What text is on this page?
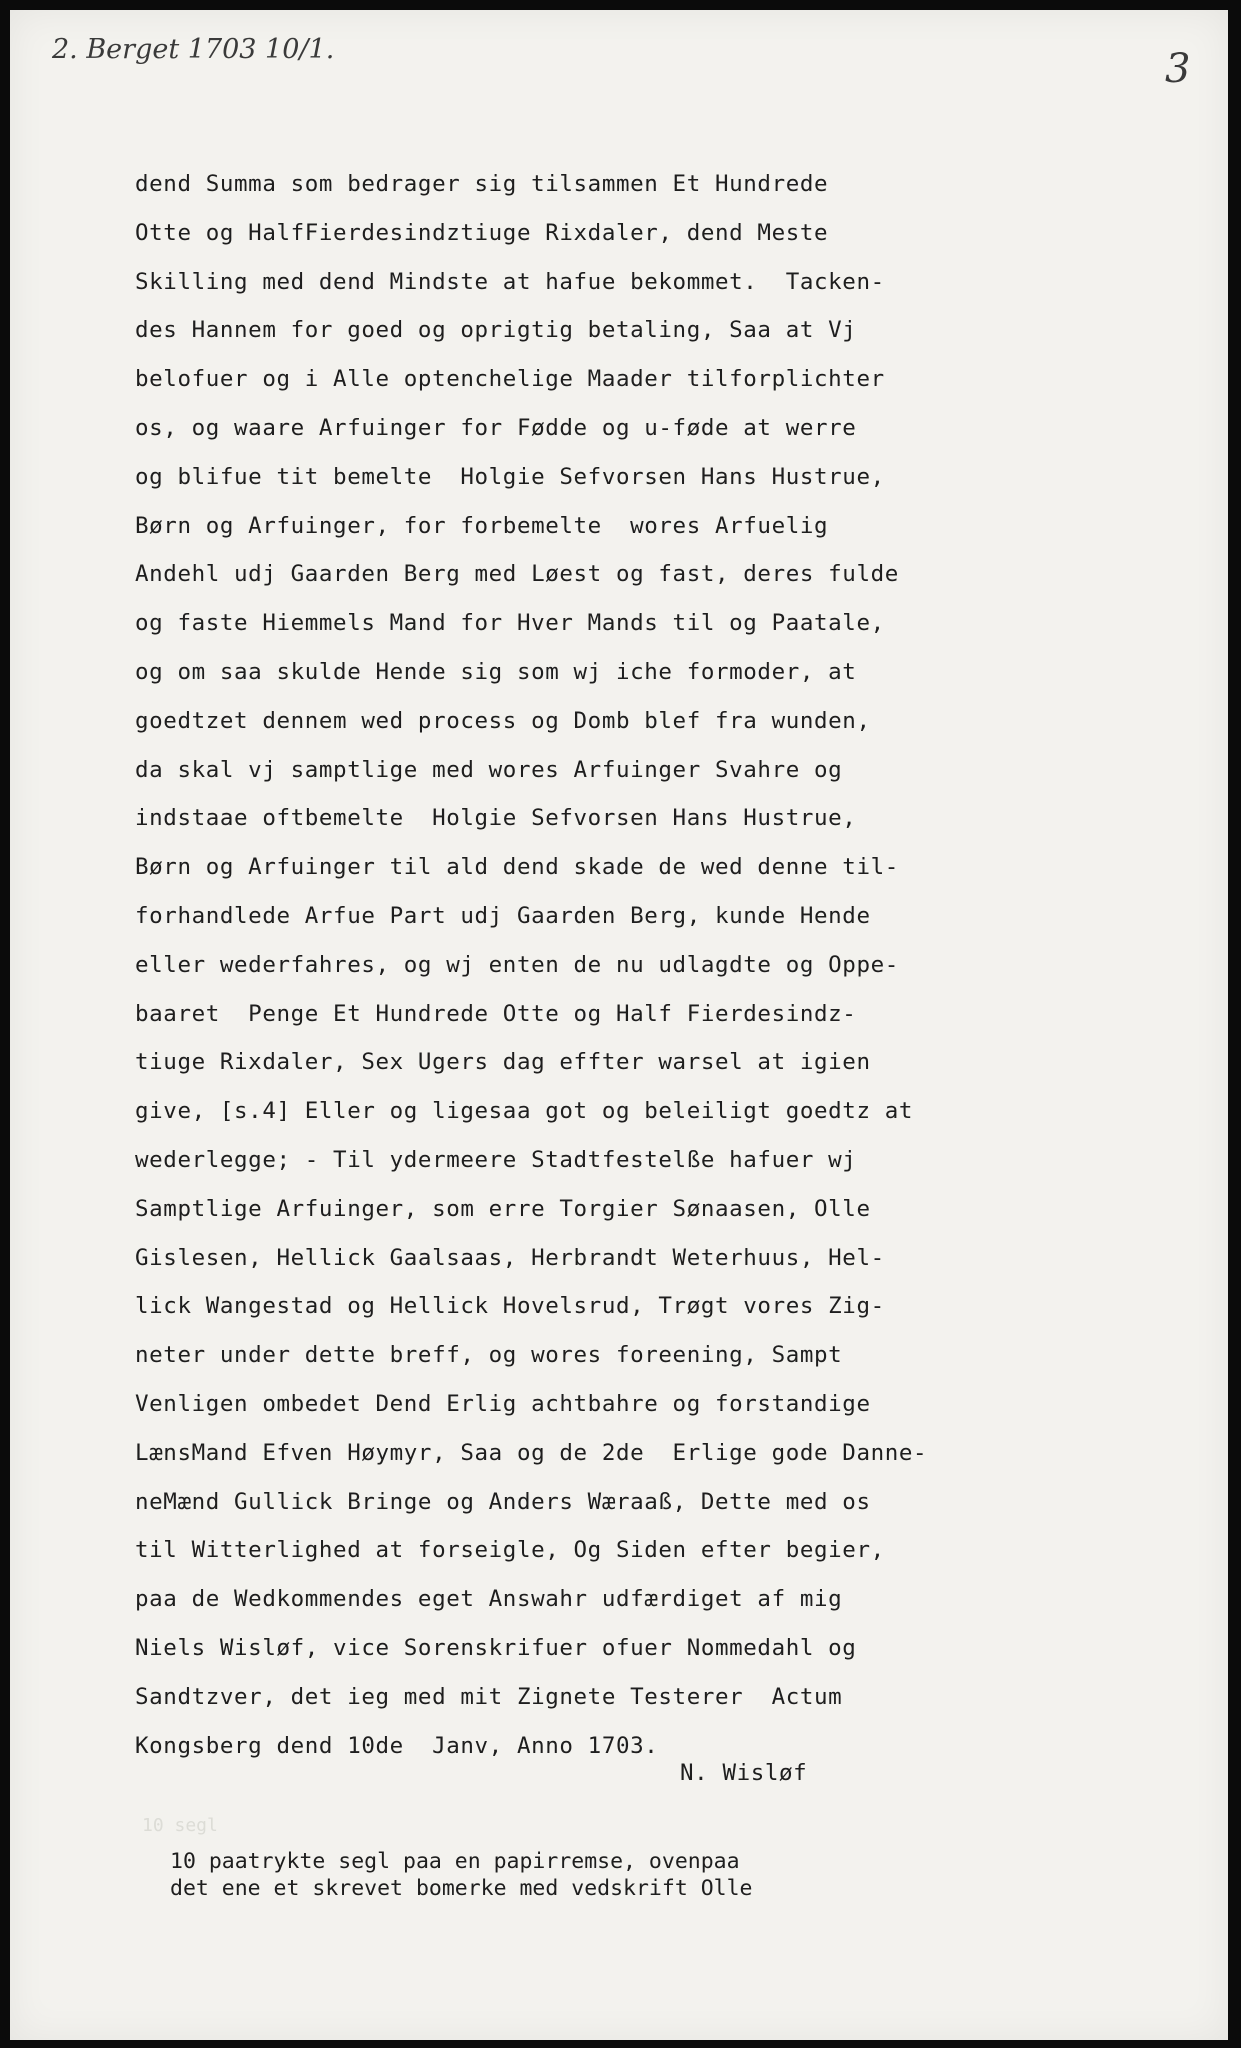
2. Berget 1703 10/1.	3
dend Summa som bedrager sig tilsammen Et Hundrede
Otte og HalfFierdesindztiuge Rixdaler, dend Meste
Skilling med dend Mindste at hafue bekommet.  Tacken-
des Hannem for goed og oprigtig betaling, Saa at Vj
belofuer og i Alle optenchelige Maader tilforplichter
os, og waare Arfuinger for Fødde og u-føde at werre
og blifue tit bemelte  Holgie Sefvorsen Hans Hustrue,
Børn og Arfuinger, for forbemelte  wores Arfuelig
Andehl udj Gaarden Berg med Løest og fast, deres fulde
og faste Hiemmels Mand for Hver Mands til og Paatale,
og om saa skulde Hende sig som wj iche formoder, at
goedtzet dennem wed process og Domb blef fra wunden,
da skal vj samptlige med wores Arfuinger Svahre og
indstaae oftbemelte  Holgie Sefvorsen Hans Hustrue,
Børn og Arfuinger til ald dend skade de wed denne til-
forhandlede Arfue Part udj Gaarden Berg, kunde Hende
eller wederfahres, og wj enten de nu udlagdte og Oppe-
baaret  Penge Et Hundrede Otte og Half Fierdesindz-
tiuge Rixdaler, Sex Ugers dag effter warsel at igien
give, [s.4] Eller og ligesaa got og beleiligt goedtz at
wederlegge; - Til ydermeere Stadtfestelße hafuer wj
Samptlige Arfuinger, som erre Torgier Sønaasen, Olle
Gislesen, Hellick Gaalsaas, Herbrandt Weterhuus, Hel-
lick Wangestad og Hellick Hovelsrud, Trøgt vores Zig-
neter under dette breff, og wores foreening, Sampt
Venligen ombedet Dend Erlig achtbahre og forstandige
LænsMand Efven Høymyr, Saa og de 2de  Erlige gode Danne-
neMænd Gullick Bringe og Anders Wæraaß, Dette med os
til Witterlighed at forseigle, Og Siden efter begier,
paa de Wedkommendes eget Answahr udfærdiget af mig
Niels Wisløf, vice Sorenskrifuer ofuer Nommedahl og
Sandtzver, det ieg med mit Zignete Testerer  Actum
Kongsberg dend 10de  Janv, Anno 1703.
N. Wisløf
10 segl
10 paatrykte segl paa en papirremse, ovenpaa
det ene et skrevet bomerke med vedskrift Olle
